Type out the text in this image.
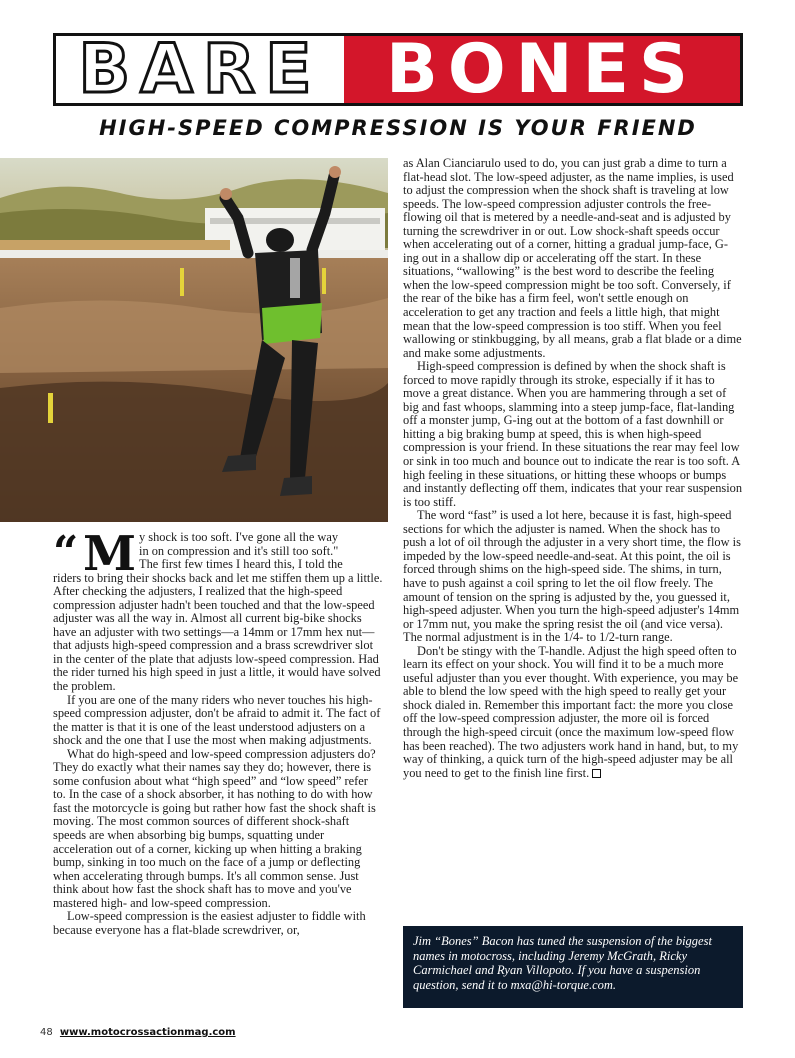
BARE BONES
HIGH-SPEED COMPRESSION IS YOUR FRIEND
“ M y shock is too soft. I've gone all the way
in on compression and it's still too soft."
The first few times I heard this, I told the

riders to bring their shocks back and let me stiffen them up a little. After checking the adjusters, I realized that the high-speed compression adjuster hadn't been touched and that the low-speed adjuster was all the way in. Almost all current big-bike shocks have an adjuster with two settings—a 14mm or 17mm hex nut—that adjusts high-speed compression and a brass screwdriver slot in the center of the plate that adjusts low-speed compression. Had the rider turned his high speed in just a little, it would have solved the problem.

If you are one of the many riders who never touches his high-speed compression adjuster, don't be afraid to admit it. The fact of the matter is that it is one of the least understood adjusters on a shock and the one that I use the most when making adjustments.

What do high-speed and low-speed compression adjusters do? They do exactly what their names say they do; however, there is some confusion about what “high speed” and “low speed” refer to. In the case of a shock absorber, it has nothing to do with how fast the motorcycle is going but rather how fast the shock shaft is moving. The most common sources of different shock-shaft speeds are when absorbing big bumps, squatting under acceleration out of a corner, kicking up when hitting a braking bump, sinking in too much on the face of a jump or deflecting when accelerating through bumps. It's all common sense. Just think about how fast the shock shaft has to move and you've mastered high- and low-speed compression.

Low-speed compression is the easiest adjuster to fiddle with because everyone has a flat-blade screwdriver, or,

as Alan Cianciarulo used to do, you can just grab a dime to turn a flat-head slot. The low-speed adjuster, as the name implies, is used to adjust the compression when the shock shaft is traveling at low speeds. The low-speed compression adjuster controls the free-flowing oil that is metered by a needle-and-seat and is adjusted by turning the screwdriver in or out. Low shock-shaft speeds occur when accelerating out of a corner, hitting a gradual jump-face, G-ing out in a shallow dip or accelerating off the start. In these situations, “wallowing” is the best word to describe the feeling when the low-speed compression might be too soft. Conversely, if the rear of the bike has a firm feel, won't settle enough on acceleration to get any traction and feels a little high, that might mean that the low-speed compression is too stiff. When you feel wallowing or stinkbugging, by all means, grab a flat blade or a dime and make some adjustments.

High-speed compression is defined by when the shock shaft is forced to move rapidly through its stroke, especially if it has to move a great distance. When you are hammering through a set of big and fast whoops, slamming into a steep jump-face, flat-landing off a monster jump, G-ing out at the bottom of a fast downhill or hitting a big braking bump at speed, this is when high-speed compression is your friend. In these situations the rear may feel low or sink in too much and bounce out to indicate the rear is too soft. A high feeling in these situations, or hitting these whoops or bumps and instantly deflecting off them, indicates that your rear suspension is too stiff.

The word “fast” is used a lot here, because it is fast, high-speed sections for which the adjuster is named. When the shock has to push a lot of oil through the adjuster in a very short time, the flow is impeded by the low-speed needle-and-seat. At this point, the oil is forced through shims on the high-speed side. The shims, in turn, have to push against a coil spring to let the oil flow freely. The amount of tension on the spring is adjusted by the, you guessed it, high-speed adjuster. When you turn the high-speed adjuster's 14mm or 17mm nut, you make the spring resist the oil (and vice versa). The normal adjustment is in the 1/4- to 1/2-turn range.

Don't be stingy with the T-handle. Adjust the high speed often to learn its effect on your shock. You will find it to be a much more useful adjuster than you ever thought. With experience, you may be able to blend the low speed with the high speed to really get your shock dialed in. Remember this important fact: the more you close off the low-speed compression adjuster, the more oil is forced through the high-speed circuit (once the maximum low-speed flow has been reached). The two adjusters work hand in hand, but, to my way of thinking, a quick turn of the high-speed adjuster may be all you need to get to the finish line first.

Jim “Bones” Bacon has tuned the suspension of the biggest names in motocross, including Jeremy McGrath, Ricky Carmichael and Ryan Villopoto. If you have a suspension question, send it to mxa@hi-torque.com.
48 www.motocrossactionmag.com
